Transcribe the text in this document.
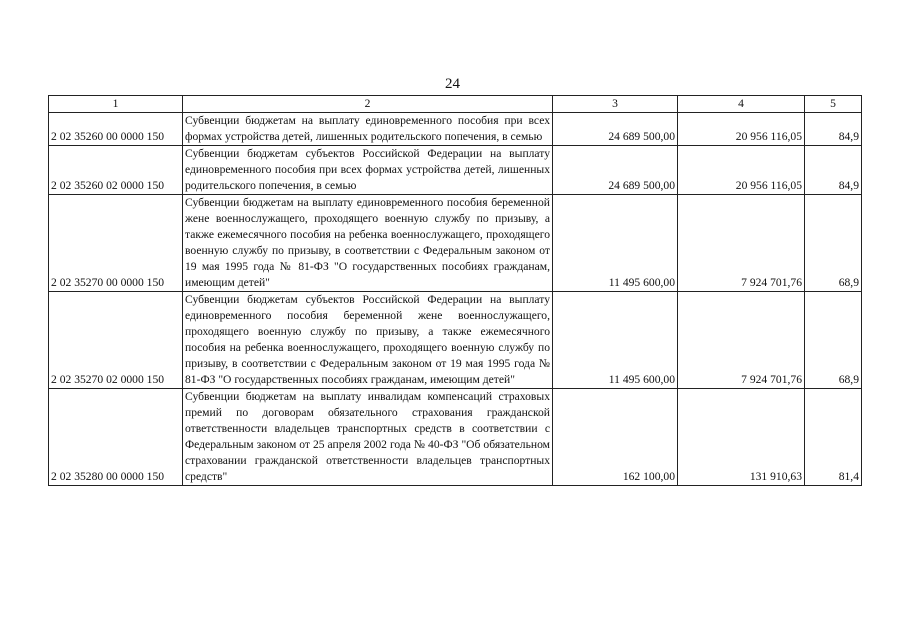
24
1	2	3	4	5
2 02 35260 00 0000 150	Субвенции бюджетам на выплату единовременного пособия при всех формах устройства детей, лишенных родительского попечения, в семью	24 689 500,00	20 956 116,05	84,9
2 02 35260 02 0000 150	Субвенции бюджетам субъектов Российской Федерации на выплату единовременного пособия при всех формах устройства детей, лишенных родительского попечения, в семью	24 689 500,00	20 956 116,05	84,9
2 02 35270 00 0000 150	Субвенции бюджетам на выплату единовременного пособия беременной жене военнослужащего, проходящего военную службу по призыву, а также ежемесячного пособия на ребенка военнослужащего, проходящего военную службу по призыву, в соответствии с Федеральным законом от 19 мая 1995 года № 81-ФЗ "О государственных пособиях гражданам, имеющим детей"	11 495 600,00	7 924 701,76	68,9
2 02 35270 02 0000 150	Субвенции бюджетам субъектов Российской Федерации на выплату единовременного пособия беременной жене военнослужащего, проходящего военную службу по призыву, а также ежемесячного пособия на ребенка военнослужащего, проходящего военную службу по призыву, в соответствии с Федеральным законом от 19 мая 1995 года № 81-ФЗ "О государственных пособиях гражданам, имеющим детей"	11 495 600,00	7 924 701,76	68,9
2 02 35280 00 0000 150	Субвенции бюджетам на выплату инвалидам компенсаций страховых премий по договорам обязательного страхования гражданской ответственности владельцев транспортных средств в соответствии с Федеральным законом от 25 апреля 2002 года № 40-ФЗ "Об обязательном страховании гражданской ответственности владельцев транспортных средств"	162 100,00	131 910,63	81,4
